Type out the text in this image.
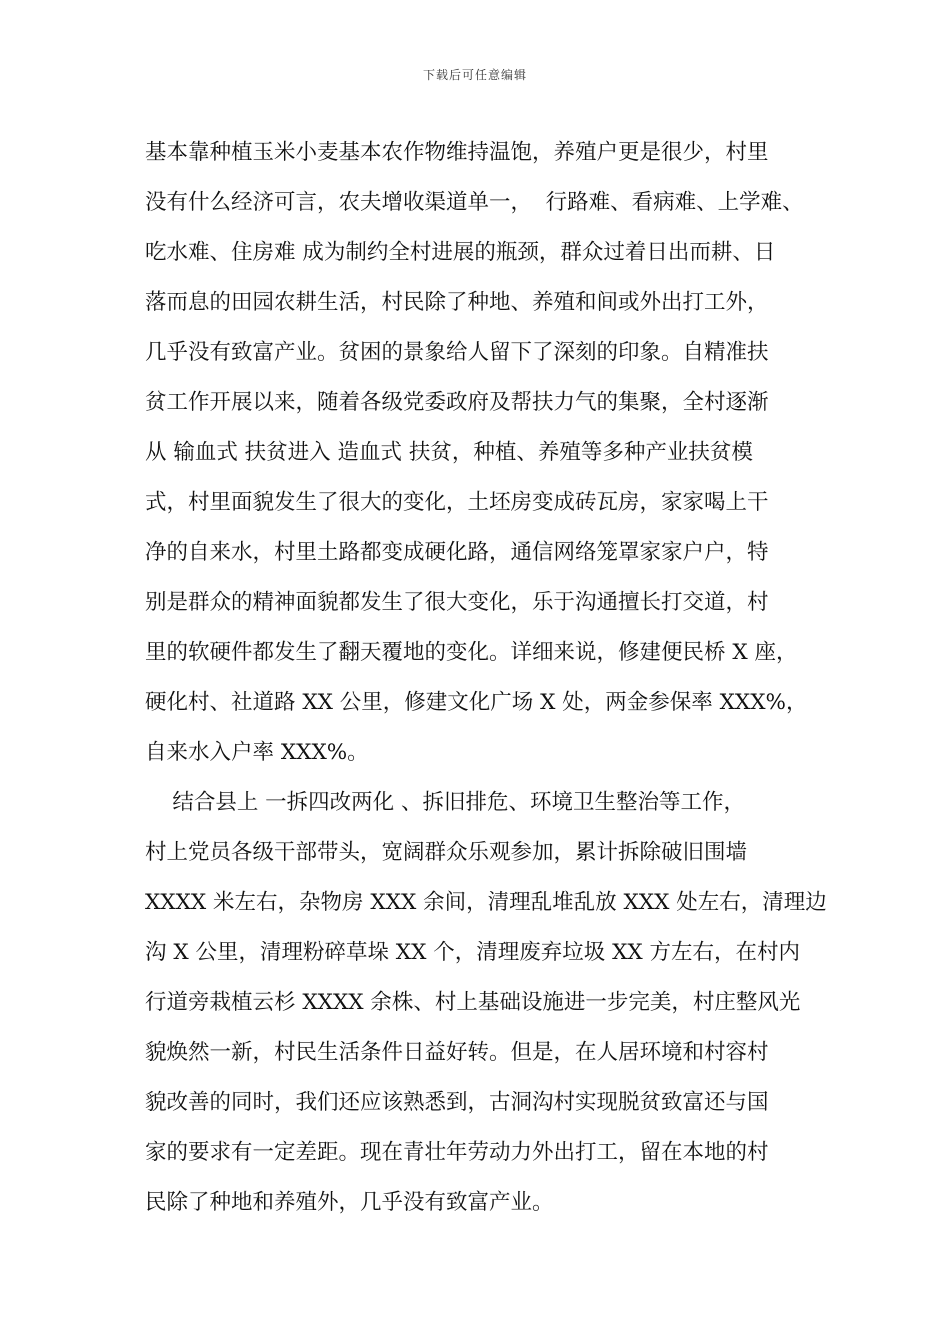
下载后可任意编辑
基本靠种植玉米小麦基本农作物维持温饱，养殖户更是很少，村里
没有什么经济可言，农夫增收渠道单一，  行路难、看病难、上学难、
吃水难、住房难 成为制约全村进展的瓶颈，群众过着日出而耕、日
落而息的田园农耕生活，村民除了种地、养殖和间或外出打工外，
几乎没有致富产业。贫困的景象给人留下了深刻的印象。自精准扶
贫工作开展以来，随着各级党委政府及帮扶力气的集聚，全村逐渐
从 输血式 扶贫进入 造血式 扶贫，种植、养殖等多种产业扶贫模
式，村里面貌发生了很大的变化，土坯房变成砖瓦房，家家喝上干
净的自来水，村里土路都变成硬化路，通信网络笼罩家家户户，特
别是群众的精神面貌都发生了很大变化，乐于沟通擅长打交道，村
里的软硬件都发生了翻天覆地的变化。详细来说，修建便民桥 X 座，
硬化村、社道路 XX 公里，修建文化广场 X 处，两金参保率 XXX%，
自来水入户率 XXX%。
结合县上 一拆四改两化 、拆旧排危、环境卫生整治等工作，
村上党员各级干部带头，宽阔群众乐观参加，累计拆除破旧围墙
XXXX 米左右，杂物房 XXX 余间，清理乱堆乱放 XXX 处左右，清理边
沟 X 公里，清理粉碎草垛 XX 个，清理废弃垃圾 XX 方左右，在村内
行道旁栽植云杉 XXXX 余株、村上基础设施进一步完美，村庄整风光
貌焕然一新，村民生活条件日益好转。但是，在人居环境和村容村
貌改善的同时，我们还应该熟悉到，古洞沟村实现脱贫致富还与国
家的要求有一定差距。现在青壮年劳动力外出打工，留在本地的村
民除了种地和养殖外，几乎没有致富产业。
